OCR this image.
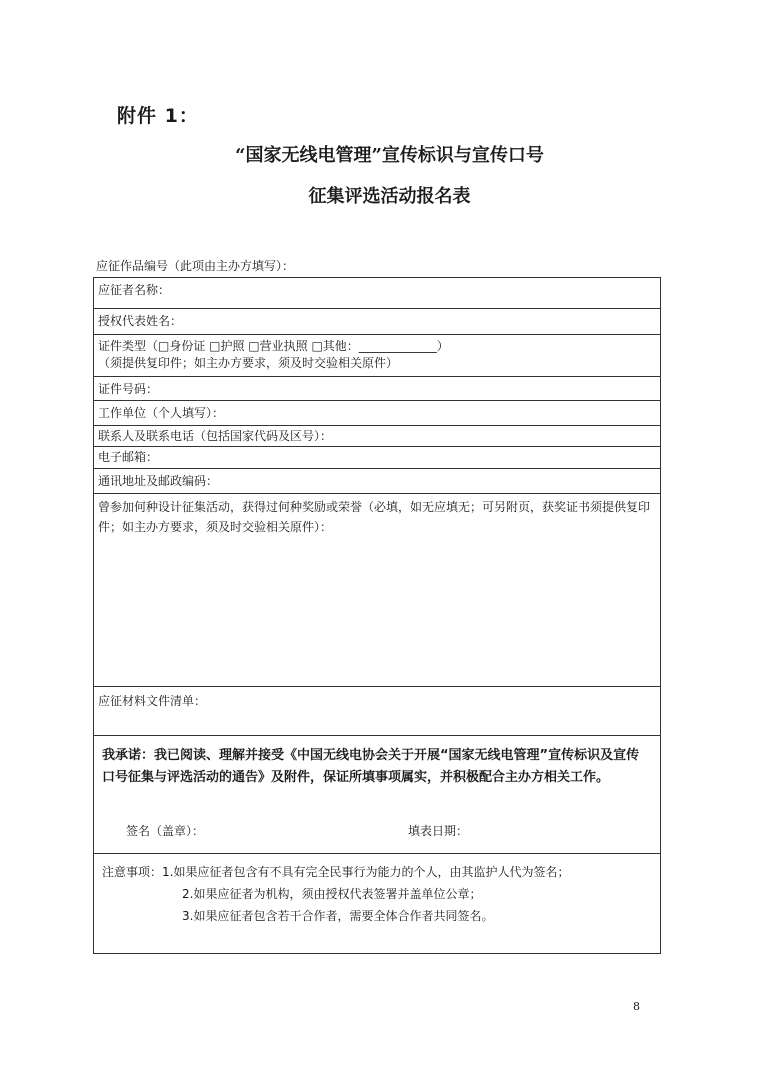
附件 1：
“国家无线电管理”宣传标识与宣传口号
征集评选活动报名表
应征作品编号（此项由主办方填写）：
应征者名称：
授权代表姓名：
证件类型（□身份证 □护照 □营业执照 □其他：_____________）
（须提供复印件；如主办方要求，须及时交验相关原件）
证件号码：
工作单位（个人填写）：
联系人及联系电话（包括国家代码及区号）：
电子邮箱：
通讯地址及邮政编码：
曾参加何种设计征集活动，获得过何种奖励或荣誉（必填，如无应填无；可另附页，获奖证书须提供复印件；如主办方要求，须及时交验相关原件）：
应征材料文件清单：
我承诺：我已阅读、理解并接受《中国无线电协会关于开展“国家无线电管理”宣传标识及宣传口号征集与评选活动的通告》及附件，保证所填事项属实，并积极配合主办方相关工作。
签名（盖章）：	填表日期：
注意事项：1.如果应征者包含有不具有完全民事行为能力的个人，由其监护人代为签名；
2.如果应征者为机构，须由授权代表签署并盖单位公章；
3.如果应征者包含若干合作者，需要全体合作者共同签名。
8
